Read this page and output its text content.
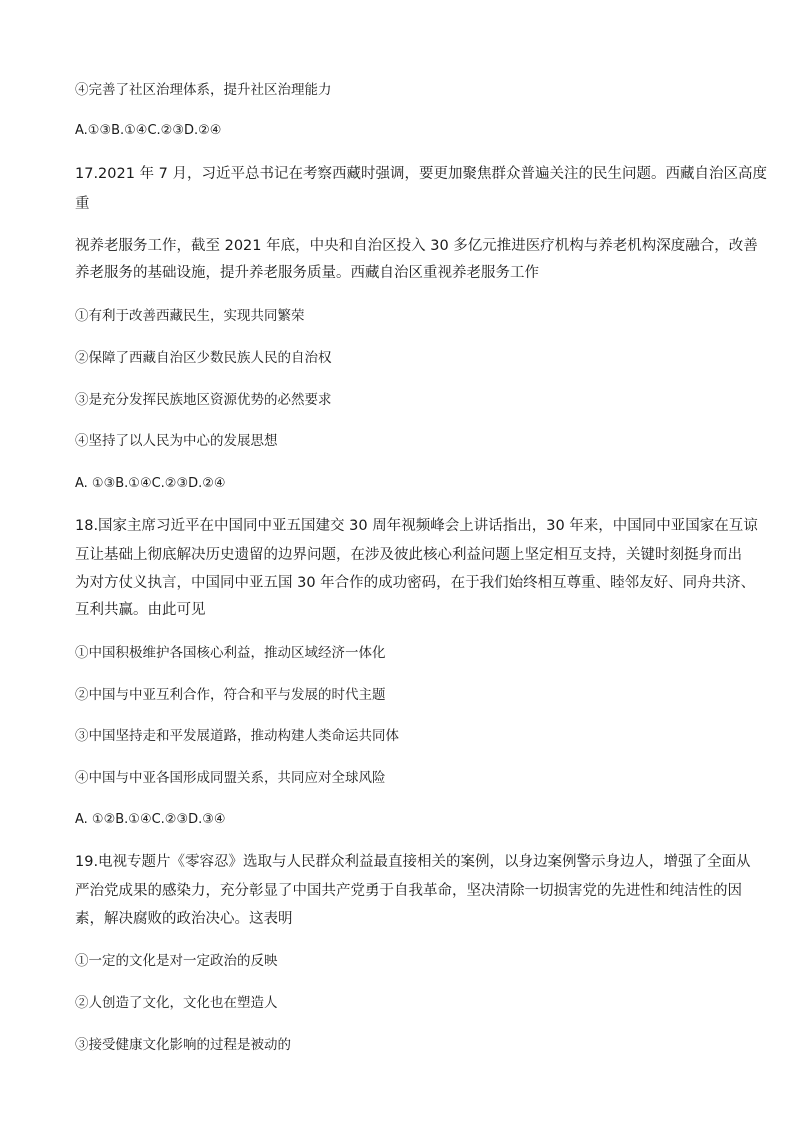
④完善了社区治理体系，提升社区治理能力

A.①③B.①④C.②③D.②④

17.2021 年 7 月，习近平总书记在考察西藏时强调，要更加聚焦群众普遍关注的民生问题。西藏自治区高度

重

视养老服务工作，截至 2021 年底，中央和自治区投入 30 多亿元推进医疗机构与养老机构深度融合，改善

养老服务的基础设施，提升养老服务质量。西藏自治区重视养老服务工作

①有利于改善西藏民生，实现共同繁荣

②保障了西藏自治区少数民族人民的自治权

③是充分发挥民族地区资源优势的必然要求

④坚持了以人民为中心的发展思想

A. ①③B.①④C.②③D.②④

18.国家主席习近平在中国同中亚五国建交 30 周年视频峰会上讲话指出，30 年来，中国同中亚国家在互谅

互让基础上彻底解决历史遗留的边界问题，在涉及彼此核心利益问题上坚定相互支持，关键时刻挺身而出

为对方仗义执言，中国同中亚五国 30 年合作的成功密码，在于我们始终相互尊重、睦邻友好、同舟共济、

互利共赢。由此可见

①中国积极维护各国核心利益，推动区域经济一体化

②中国与中亚互利合作，符合和平与发展的时代主题

③中国坚持走和平发展道路，推动构建人类命运共同体

④中国与中亚各国形成同盟关系，共同应对全球风险

A. ①②B.①④C.②③D.③④

19.电视专题片《零容忍》选取与人民群众利益最直接相关的案例，以身边案例警示身边人，增强了全面从

严治党成果的感染力，充分彰显了中国共产党勇于自我革命，坚决清除一切损害党的先进性和纯洁性的因

素，解决腐败的政治决心。这表明

①一定的文化是对一定政治的反映

②人创造了文化，文化也在塑造人

③接受健康文化影响的过程是被动的
